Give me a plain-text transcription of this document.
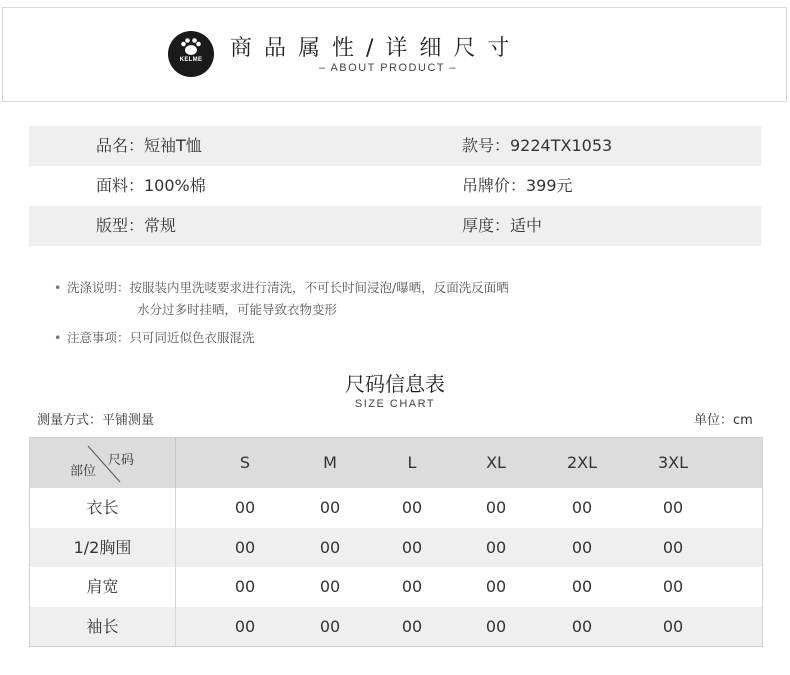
KELME	商品属性/详细尺寸
– ABOUT PRODUCT –
品名：短袖T恤	款号：9224TX1053
面料：100%棉	吊牌价：399元
版型：常规	厚度：适中
• 洗涤说明：按服装内里洗唛要求进行清洗，不可长时间浸泡/曝晒，反面洗反面晒
水分过多时挂晒，可能导致衣物变形
• 注意事项：只可同近似色衣服混洗
尺码信息表
SIZE CHART
测量方式：平铺测量	单位：cm
尺码
部位	S	M	L	XL	2XL	3XL
衣长	00	00	00	00	00	00
1/2胸围	00	00	00	00	00	00
肩宽	00	00	00	00	00	00
袖长	00	00	00	00	00	00
